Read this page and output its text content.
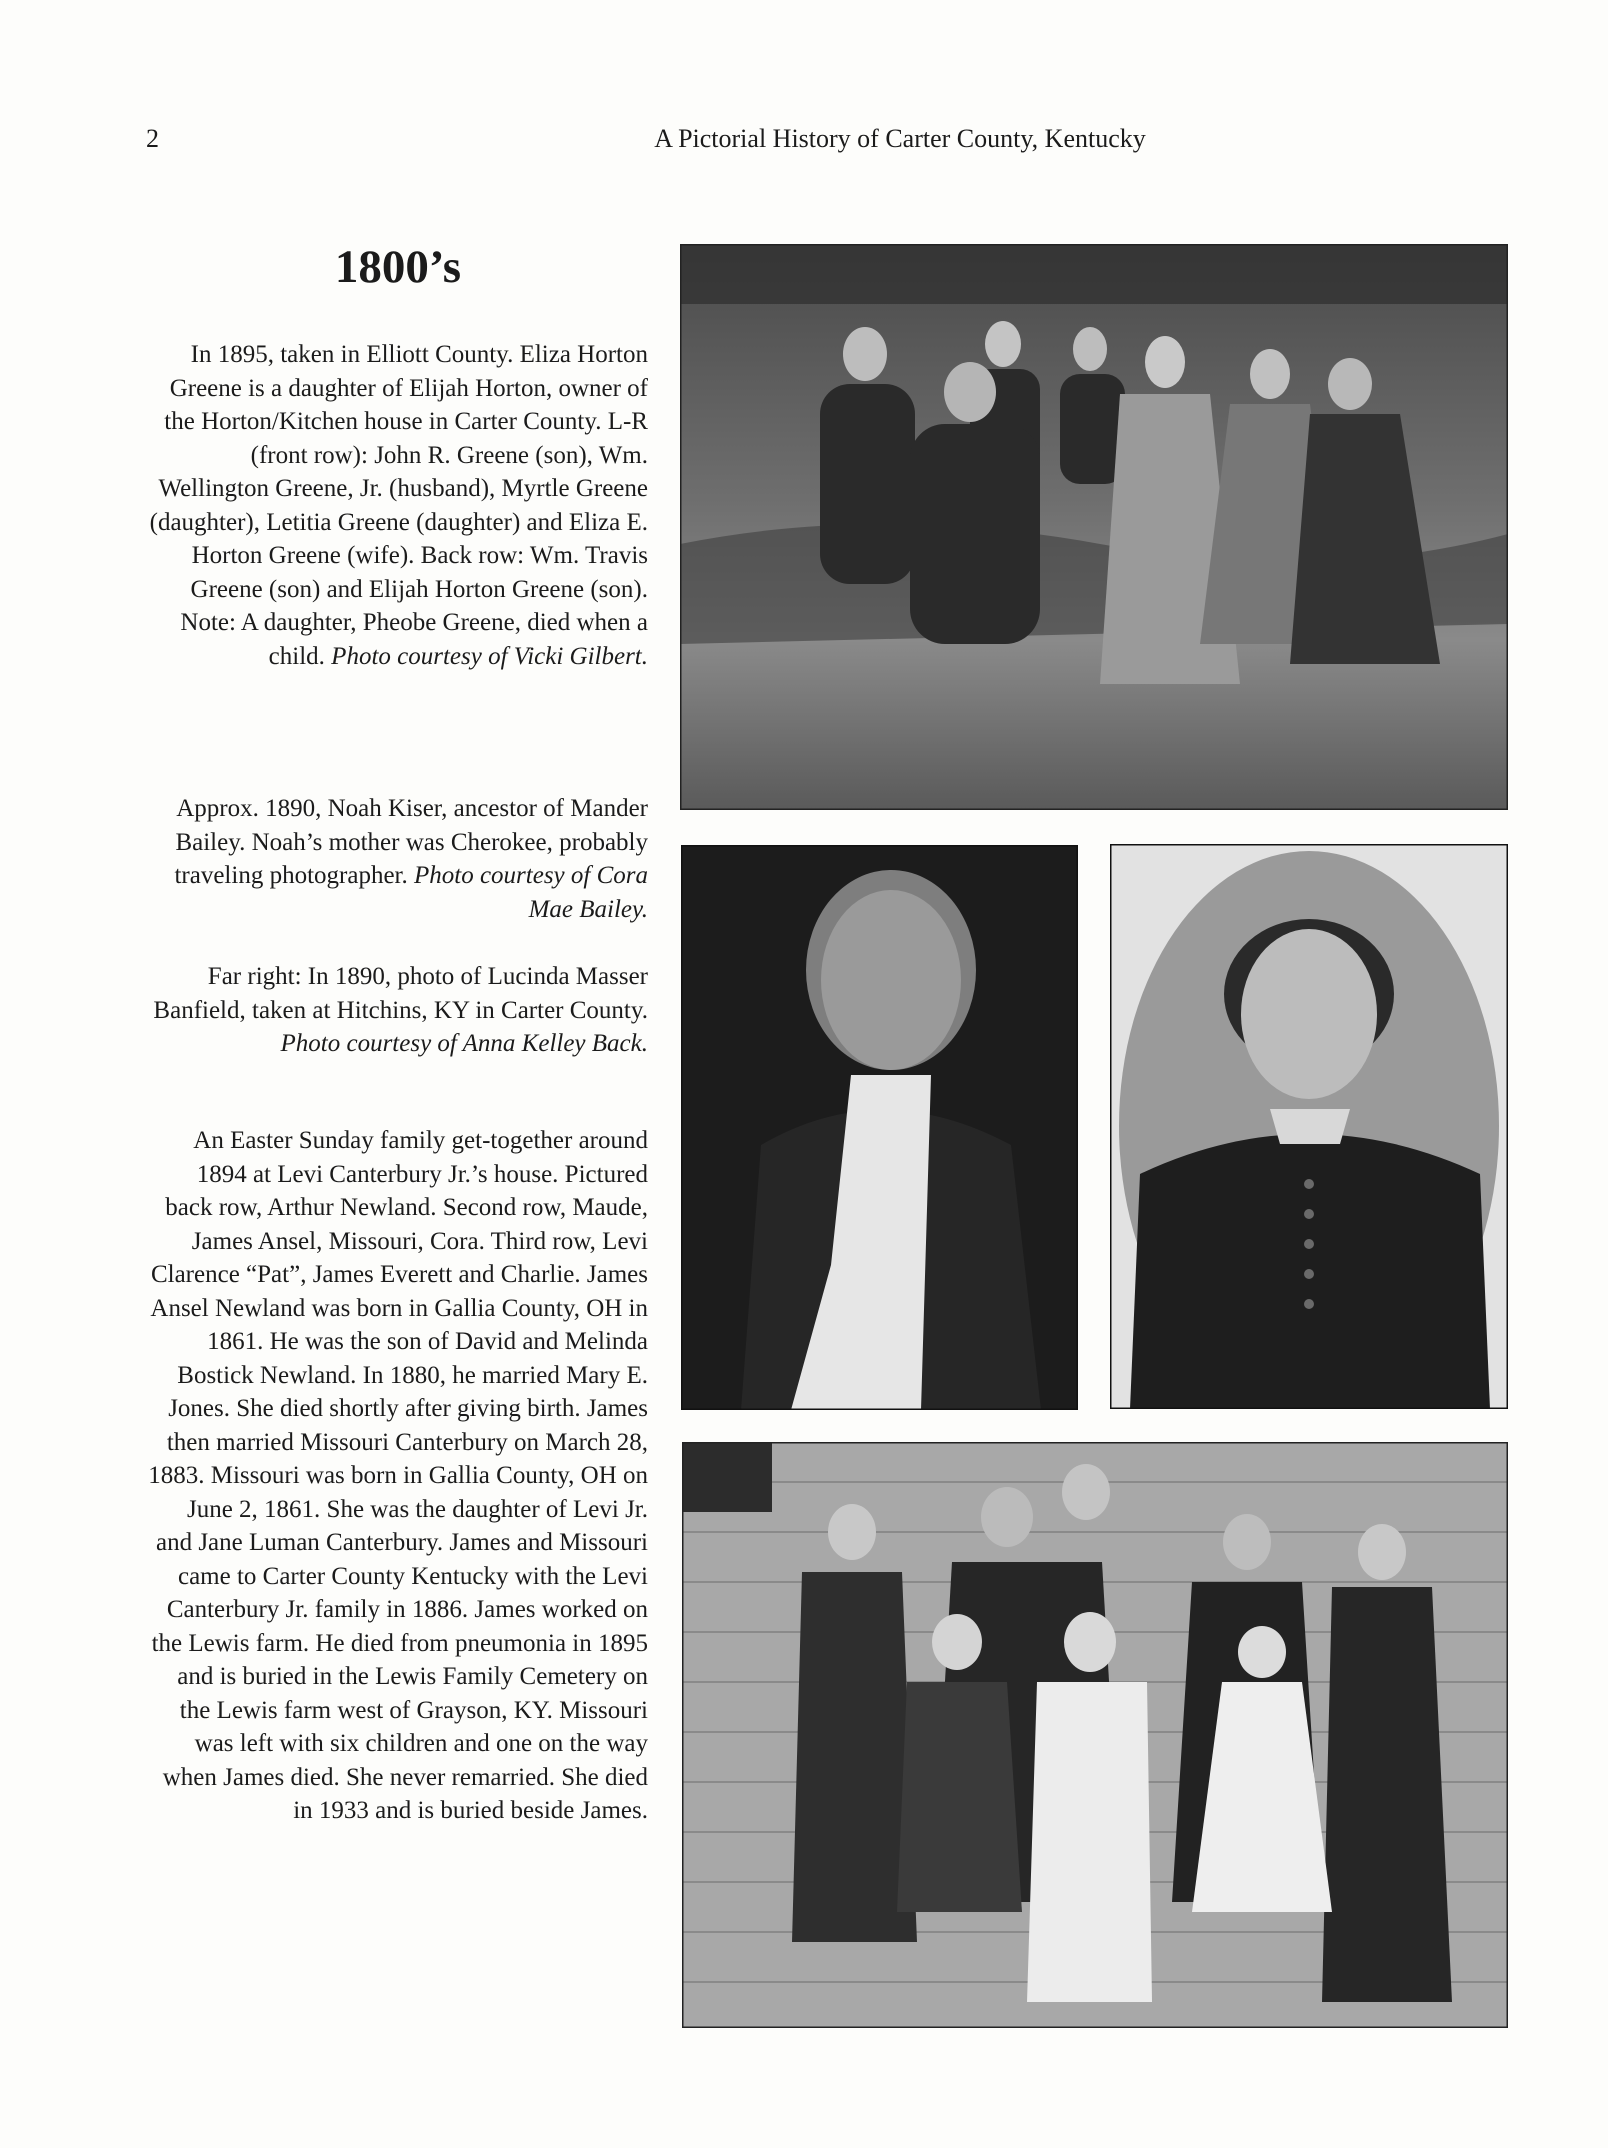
2	A Pictorial History of Carter County, Kentucky
1800’s
In 1895, taken in Elliott County. Eliza Horton Greene is a daughter of Elijah Horton, owner of the Horton/Kitchen house in Carter County. L-R (front row): John R. Greene (son), Wm. Wellington Greene, Jr. (husband), Myrtle Greene (daughter), Letitia Greene (daughter) and Eliza E. Horton Greene (wife). Back row: Wm. Travis Greene (son) and Elijah Horton Greene (son). Note: A daughter, Pheobe Greene, died when a child. Photo courtesy of Vicki Gilbert.
Approx. 1890, Noah Kiser, ancestor of Mander Bailey. Noah’s mother was Cherokee, probably traveling photographer. Photo courtesy of Cora Mae Bailey.
Far right: In 1890, photo of Lucinda Masser Banfield, taken at Hitchins, KY in Carter County. Photo courtesy of Anna Kelley Back.
An Easter Sunday family get-together around 1894 at Levi Canterbury Jr.’s house. Pictured back row, Arthur Newland. Second row, Maude, James Ansel, Missouri, Cora. Third row, Levi Clarence “Pat”, James Everett and Charlie. James Ansel Newland was born in Gallia County, OH in 1861. He was the son of David and Melinda Bostick Newland. In 1880, he married Mary E. Jones. She died shortly after giving birth. James then married Missouri Canterbury on March 28, 1883. Missouri was born in Gallia County, OH on June 2, 1861. She was the daughter of Levi Jr. and Jane Luman Canterbury. James and Missouri came to Carter County Kentucky with the Levi Canterbury Jr. family in 1886. James worked on the Lewis farm. He died from pneumonia in 1895 and is buried in the Lewis Family Cemetery on the Lewis farm west of Grayson, KY. Missouri was left with six children and one on the way when James died. She never remarried. She died in 1933 and is buried beside James.
